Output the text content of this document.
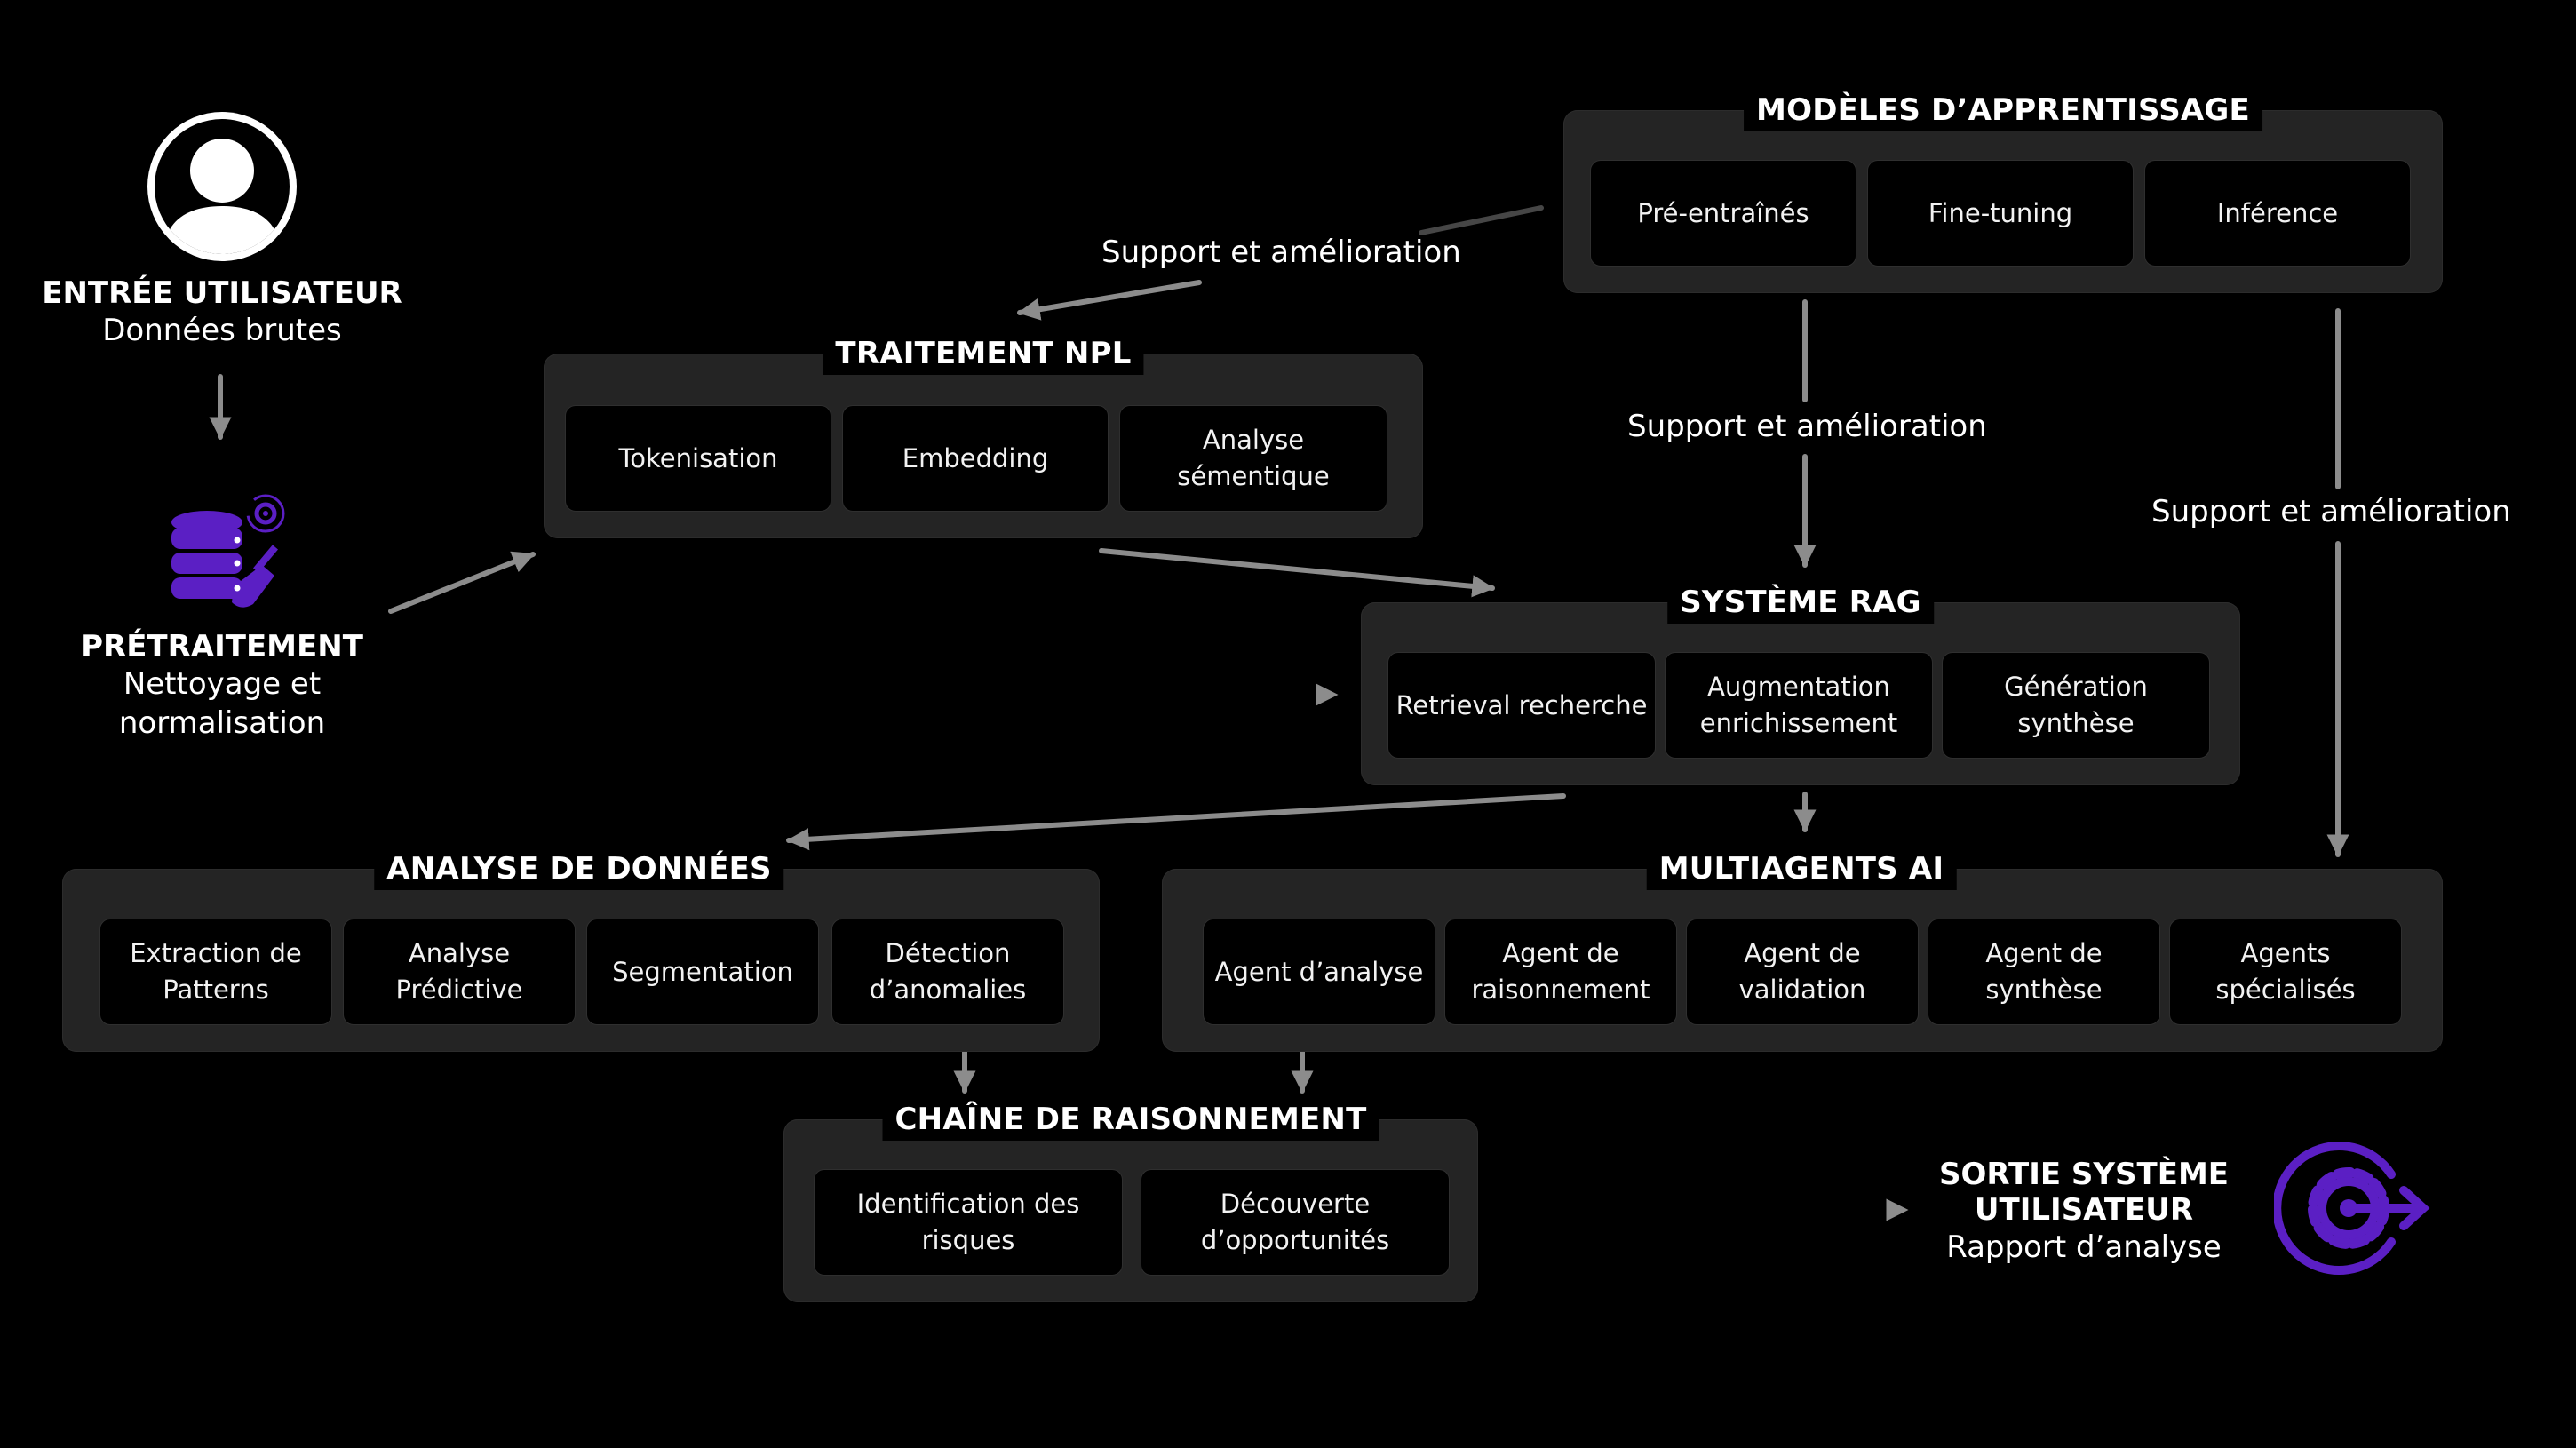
Support et amélioration
Support et amélioration
Support et amélioration
ENTRÉE UTILISATEUR
Données brutes
PRÉTRAITEMENT
Nettoyage et
normalisation
MODÈLES D’APPRENTISSAGE
Pré-entraînés	Fine-tuning	Inférence
TRAITEMENT NPL
Tokenisation	Embedding
Analyse sémentique
SYSTÈME RAG
Retrieval recherche
Augmentation
enrichissement
Génération
synthèse
ANALYSE DE DONNÉES
Extraction de
Patterns
Analyse
Prédictive
Segmentation
Détection
d’anomalies
MULTIAGENTS AI
Agent d’analyse
Agent de
raisonnement
Agent de
validation
Agent de
synthèse
Agents
spécialisés
CHAÎNE DE RAISONNEMENT
Identification des
risques
Découverte
d’opportunités
SORTIE SYSTÈME
UTILISATEUR
Rapport d’analyse
